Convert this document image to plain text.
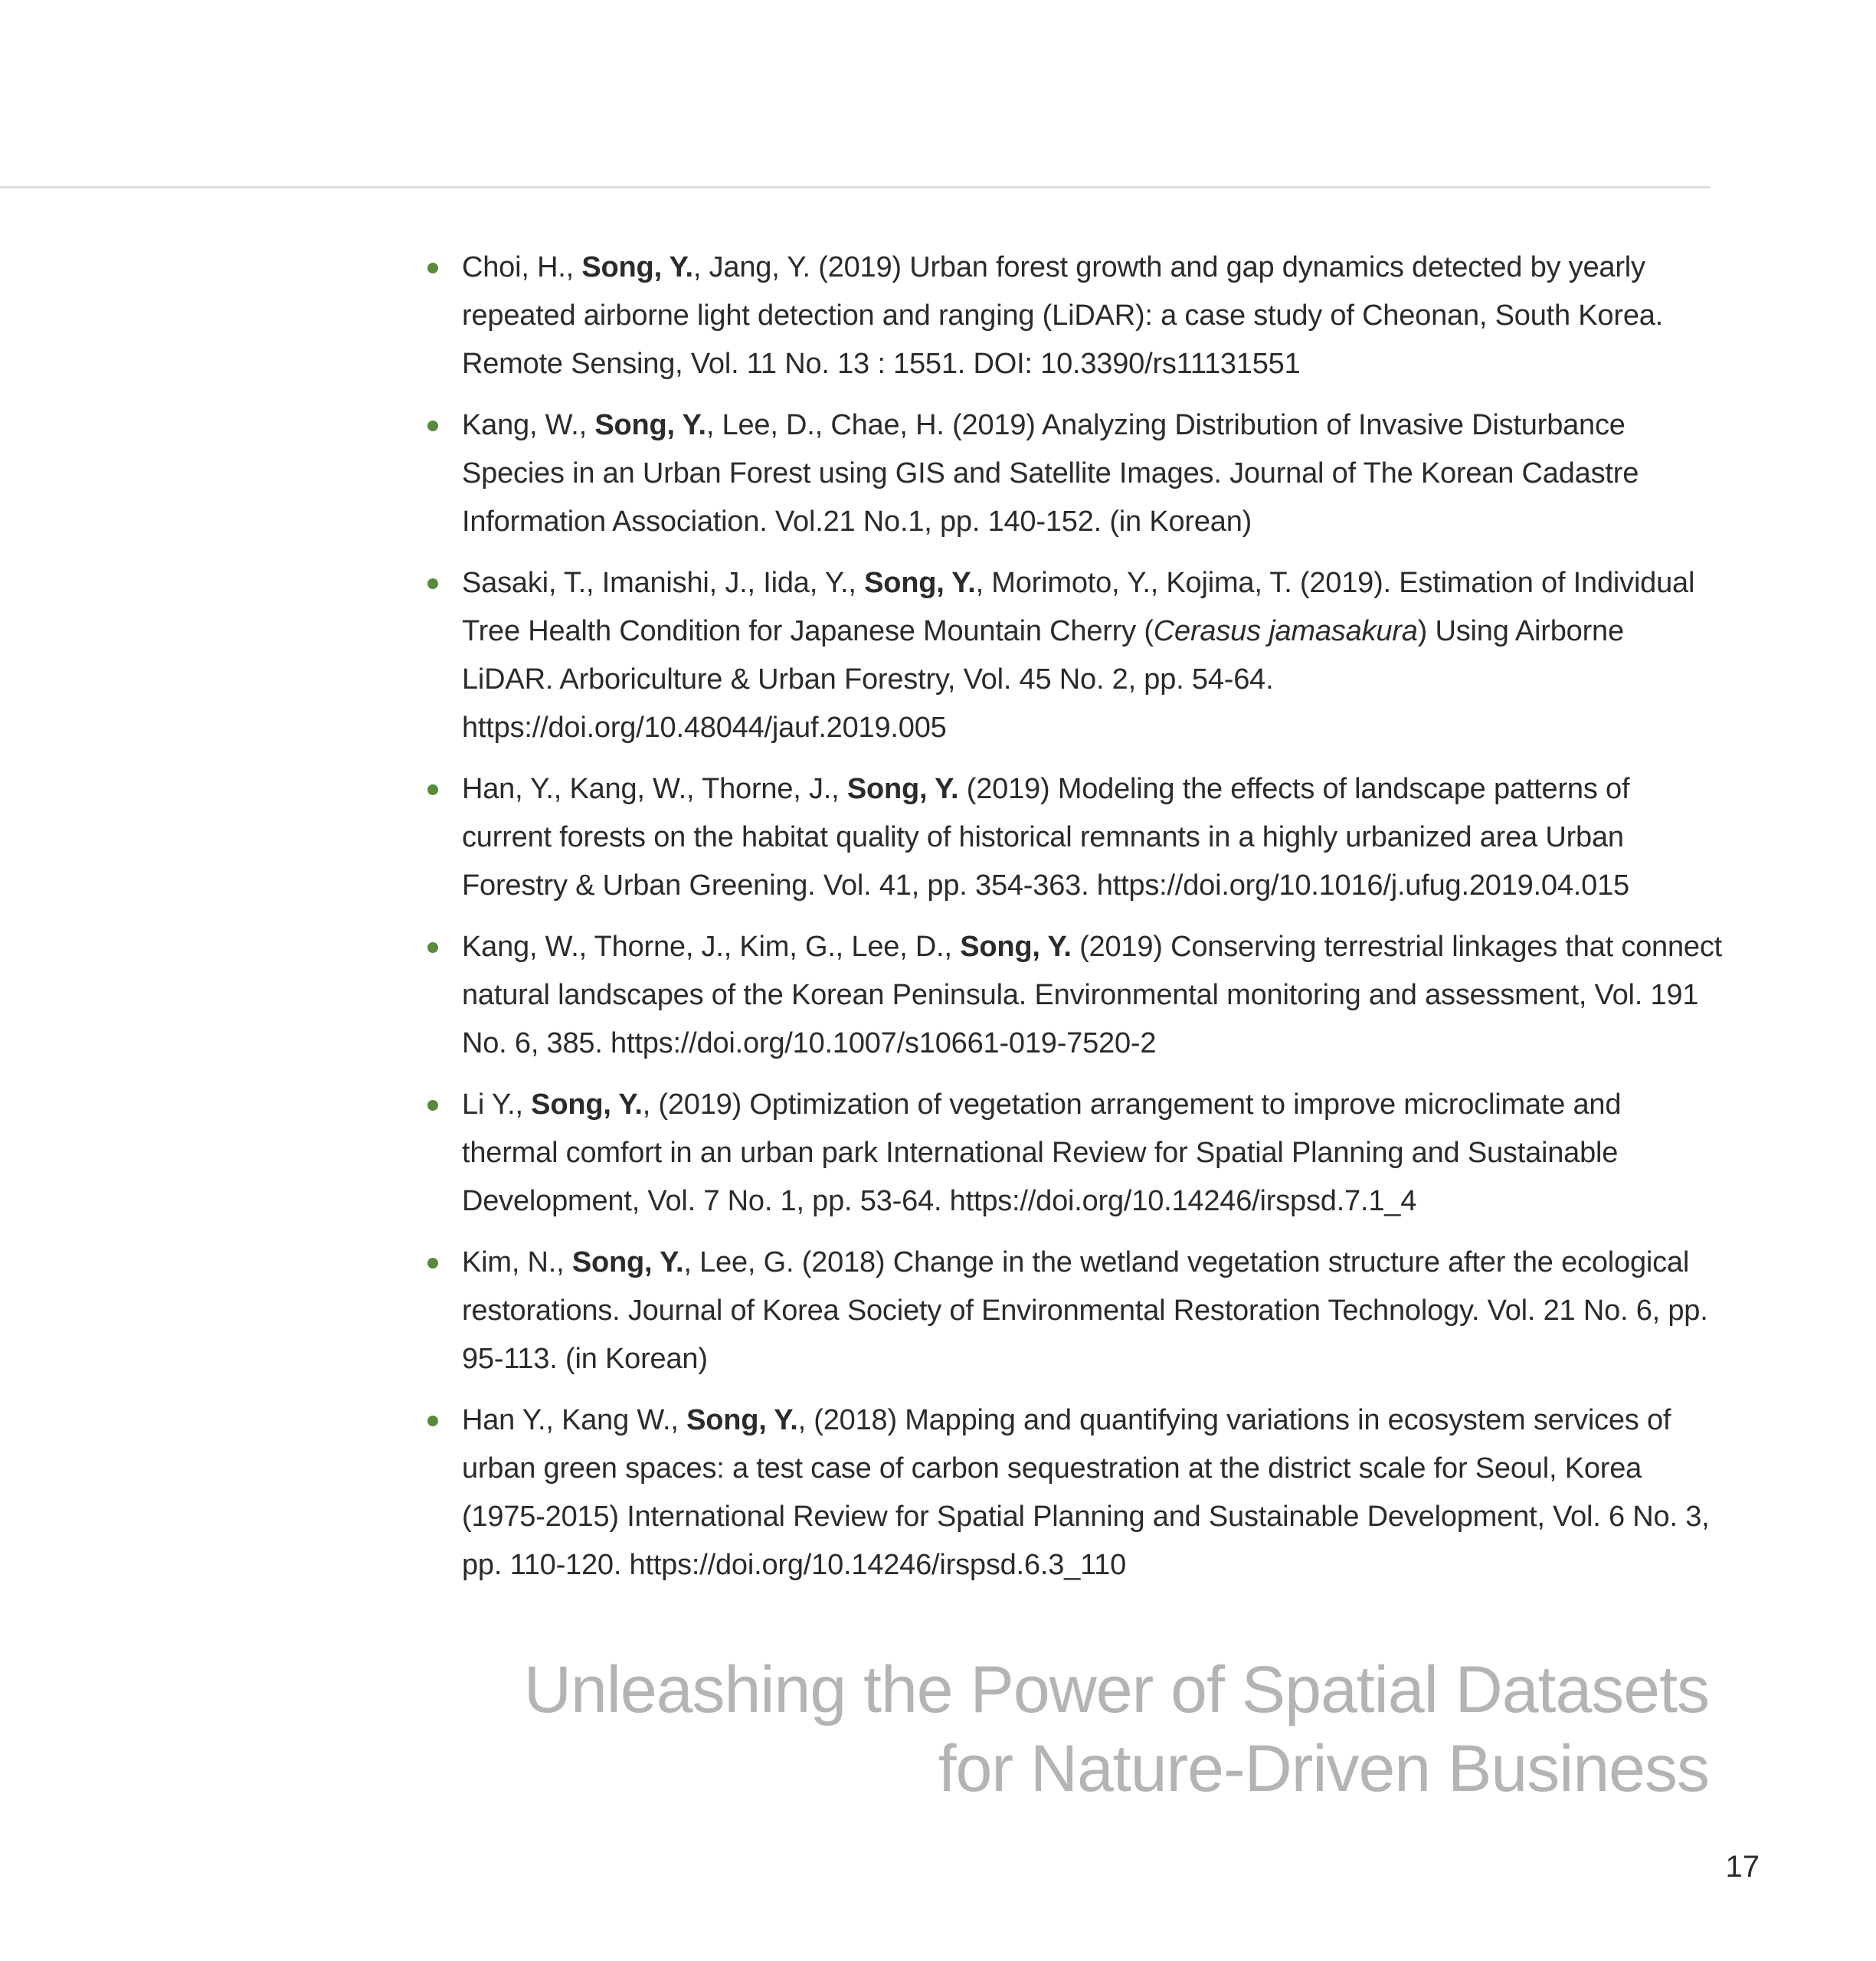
Choi, H., Song, Y., Jang, Y. (2019) Urban forest growth and gap dynamics detected by yearly repeated airborne light detection and ranging (LiDAR): a case study of Cheonan, South Korea. Remote Sensing, Vol. 11 No. 13 : 1551. DOI: 10.3390/rs11131551
Kang, W., Song, Y., Lee, D., Chae, H. (2019) Analyzing Distribution of Invasive Disturbance Species in an Urban Forest using GIS and Satellite Images. Journal of The Korean Cadastre Information Association. Vol.21 No.1, pp. 140-152. (in Korean)
Sasaki, T., Imanishi, J., Iida, Y., Song, Y., Morimoto, Y., Kojima, T. (2019). Estimation of Individual Tree Health Condition for Japanese Mountain Cherry (Cerasus jamasakura) Using Airborne LiDAR. Arboriculture & Urban Forestry, Vol. 45 No. 2, pp. 54-64. https://doi.org/10.48044/jauf.2019.005
Han, Y., Kang, W., Thorne, J., Song, Y. (2019) Modeling the effects of landscape patterns of current forests on the habitat quality of historical remnants in a highly urbanized area Urban Forestry & Urban Greening. Vol. 41, pp. 354-363. https://doi.org/10.1016/j.ufug.2019.04.015
Kang, W., Thorne, J., Kim, G., Lee, D., Song, Y. (2019) Conserving terrestrial linkages that connect natural landscapes of the Korean Peninsula. Environmental monitoring and assessment, Vol. 191 No. 6, 385. https://doi.org/10.1007/s10661-019-7520-2
Li Y., Song, Y., (2019) Optimization of vegetation arrangement to improve microclimate and thermal comfort in an urban park International Review for Spatial Planning and Sustainable Development, Vol. 7 No. 1, pp. 53-64. https://doi.org/10.14246/irspsd.7.1_4
Kim, N., Song, Y., Lee, G. (2018) Change in the wetland vegetation structure after the ecological restorations. Journal of Korea Society of Environmental Restoration Technology. Vol. 21 No. 6, pp. 95-113. (in Korean)
Han Y., Kang W., Song, Y., (2018) Mapping and quantifying variations in ecosystem services of urban green spaces: a test case of carbon sequestration at the district scale for Seoul, Korea (1975-2015) International Review for Spatial Planning and Sustainable Development, Vol. 6 No. 3, pp. 110-120. https://doi.org/10.14246/irspsd.6.3_110
Unleashing the Power of Spatial Datasets
for Nature-Driven Business
17
